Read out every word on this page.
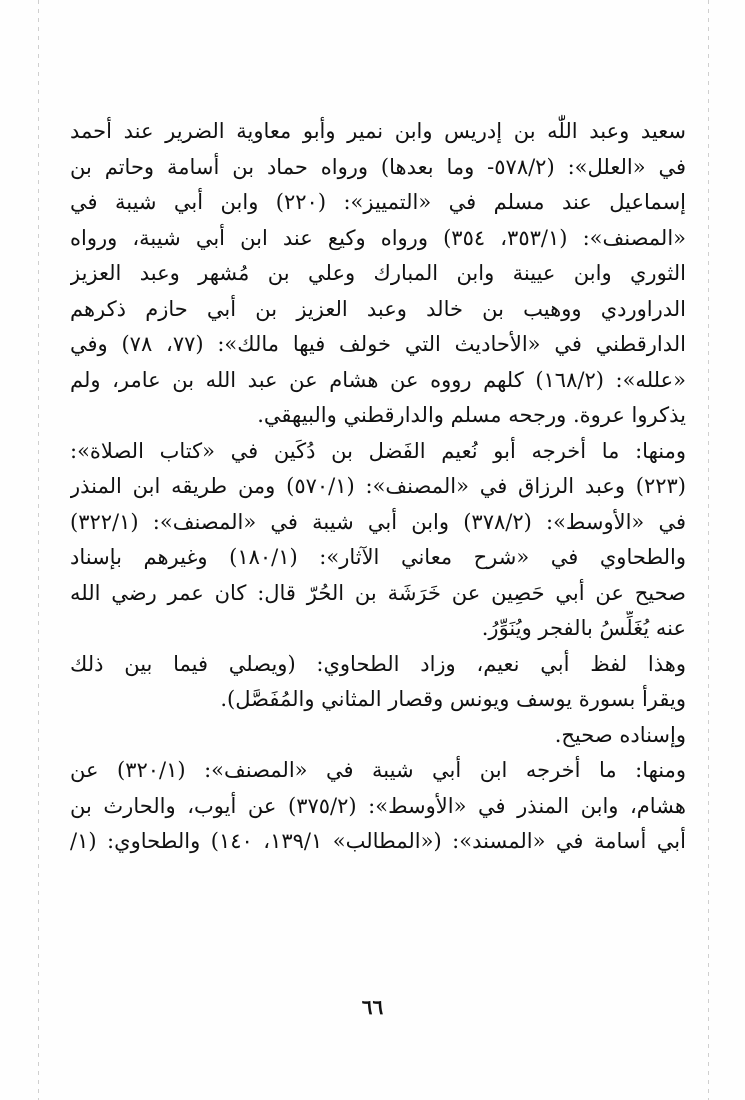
سعيد وعبد اللّٰه بن إدريس وابن نمير وأبو معاوية الضرير عند أحمد
في «العلل»: (٥٧٨/٢- وما بعدها) ورواه حماد بن أسامة وحاتم بن
إسماعيل عند مسلم في «التمييز»: (٢٢٠) وابن أبي شيبة في
«المصنف»: (٣٥٣/١، ٣٥٤) ورواه وكيع عند ابن أبي شيبة، ورواه
الثوري وابن عيينة وابن المبارك وعلي بن مُشهر وعبد العزيز
الدراوردي ووهيب بن خالد وعبد العزيز بن أبي حازم ذكرهم
الدارقطني في «الأحاديث التي خولف فيها مالك»: (٧٧، ٧٨) وفي
«علله»: (١٦٨/٢) كلهم رووه عن هشام عن عبد الله بن عامر، ولم
يذكروا عروة. ورجحه مسلم والدارقطني والبيهقي.
ومنها: ما أخرجه أبو نُعيم الفَضل بن دُكَين في «كتاب الصلاة»:
(٢٢٣) وعبد الرزاق في «المصنف»: (٥٧٠/١) ومن طريقه ابن المنذر
في «الأوسط»: (٣٧٨/٢) وابن أبي شيبة في «المصنف»: (٣٢٢/١)
والطحاوي في «شرح معاني الآثار»: (١٨٠/١) وغيرهم بإسناد
صحيح عن أبي حَصِين عن خَرَشَة بن الحُرّ قال: كان عمر رضي الله
عنه يُغَلِّسُ بالفجر ويُنَوِّرُ.
وهذا لفظ أبي نعيم، وزاد الطحاوي: (ويصلي فيما بين ذلك
ويقرأ بسورة يوسف ويونس وقصار المثاني والمُفَصَّل).
وإسناده صحيح.
ومنها: ما أخرجه ابن أبي شيبة في «المصنف»: (٣٢٠/١) عن
هشام، وابن المنذر في «الأوسط»: (٣٧٥/٢) عن أيوب، والحارث بن
أبي أسامة في «المسند»: («المطالب» ١٣٩/١، ١٤٠) والطحاوي: (١/
٦٦
